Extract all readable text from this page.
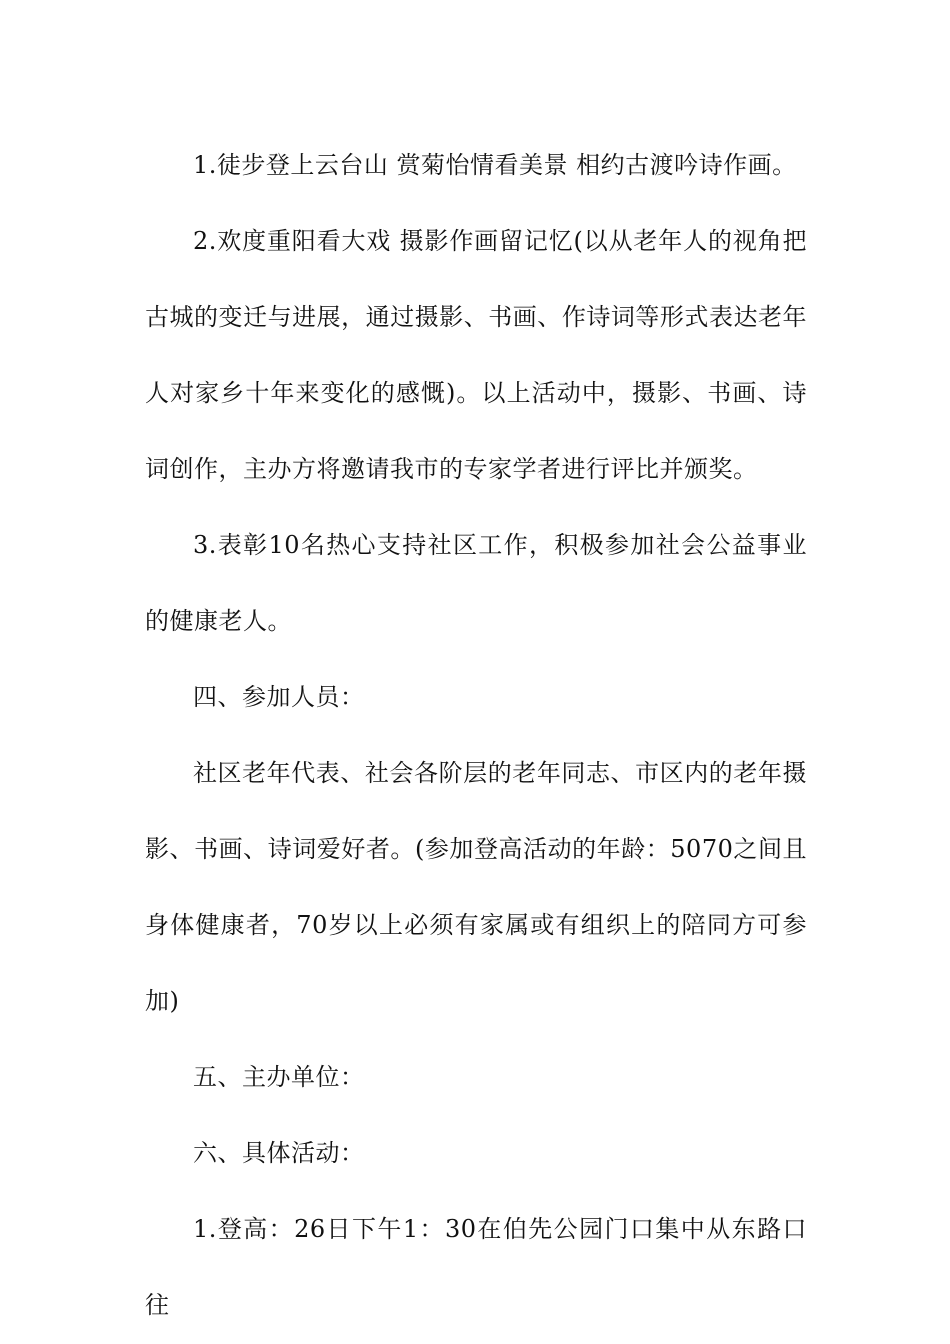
1.徒步登上云台山 赏菊怡情看美景 相约古渡吟诗作画。

2.欢度重阳看大戏 摄影作画留记忆(以从老年人的视角把古城的变迁与进展，通过摄影、书画、作诗词等形式表达老年人对家乡十年来变化的感慨)。以上活动中，摄影、书画、诗词创作，主办方将邀请我市的专家学者进行评比并颁奖。

3.表彰10名热心支持社区工作，积极参加社会公益事业的健康老人。

四、参加人员：

社区老年代表、社会各阶层的老年同志、市区内的老年摄影、书画、诗词爱好者。(参加登高活动的年龄：5070之间且身体健康者，70岁以上必须有家属或有组织上的陪同方可参加)

五、主办单位：

六、具体活动：

1.登高：26日下午1：30在伯先公园门口集中从东路口往
